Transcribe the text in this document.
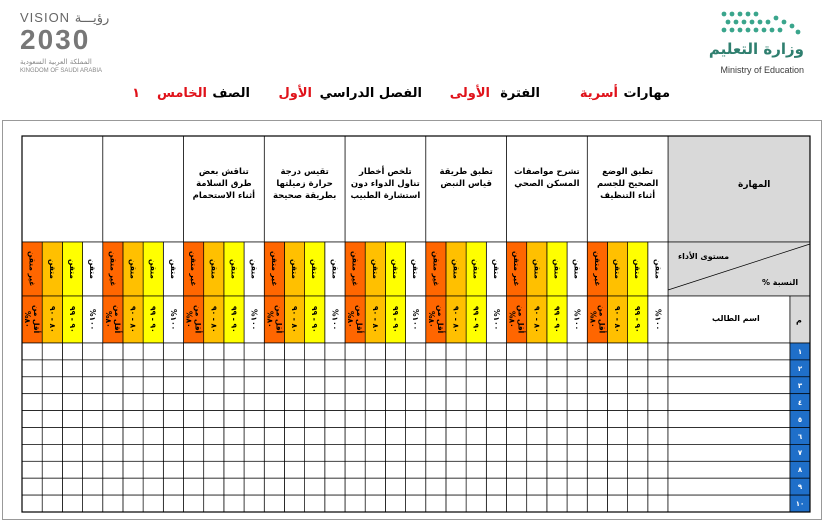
وزارة التعليم
Ministry of Education
VISION رؤيـــة
2030
المملكة العربية السعودية
KINGDOM OF SAUDI ARABIA
مهارات
أسرية
الفترة
الأولى
الفصل الدراسي
الأول
الصف
الخامس
١
المهارة
مستوى الأداء
النسبة %
اسم الطالب	م
تطبق الوضع الصحيح للجسم أثناء التنظيف
متقن
١٠٠%
متقن
٩٠ - ٩٩
متقن
٨٠ - ٩٠
غير متقن
أقل من ٨٠%
تشرح مواصفات المسكن الصحي
متقن
١٠٠%
متقن
٩٠ - ٩٩
متقن
٨٠ - ٩٠
غير متقن
أقل من ٨٠%
تطبق طريقة قياس النبض
متقن
١٠٠%
متقن
٩٠ - ٩٩
متقن
٨٠ - ٩٠
غير متقن
أقل من ٨٠%
تلخص أخطار تناول الدواء دون استشارة الطبيب
متقن
١٠٠%
متقن
٩٠ - ٩٩
متقن
٨٠ - ٩٠
غير متقن
أقل من ٨٠%
تقيس درجة حرارة زميلتها بطريقة صحيحة
متقن
١٠٠%
متقن
٩٠ - ٩٩
متقن
٨٠ - ٩٠
غير متقن
أقل من ٨٠%
تناقش بعض طرق السلامة أثناء الاستحمام
متقن
١٠٠%
متقن
٩٠ - ٩٩
متقن
٨٠ - ٩٠
غير متقن
أقل من ٨٠%
متقن
١٠٠%
متقن
٩٠ - ٩٩
متقن
٨٠ - ٩٠
غير متقن
أقل من ٨٠%
متقن
١٠٠%
متقن
٩٠ - ٩٩
متقن
٨٠ - ٩٠
غير متقن
أقل من ٨٠%
١
٢
٣
٤
٥
٦
٧
٨
٩
١٠
